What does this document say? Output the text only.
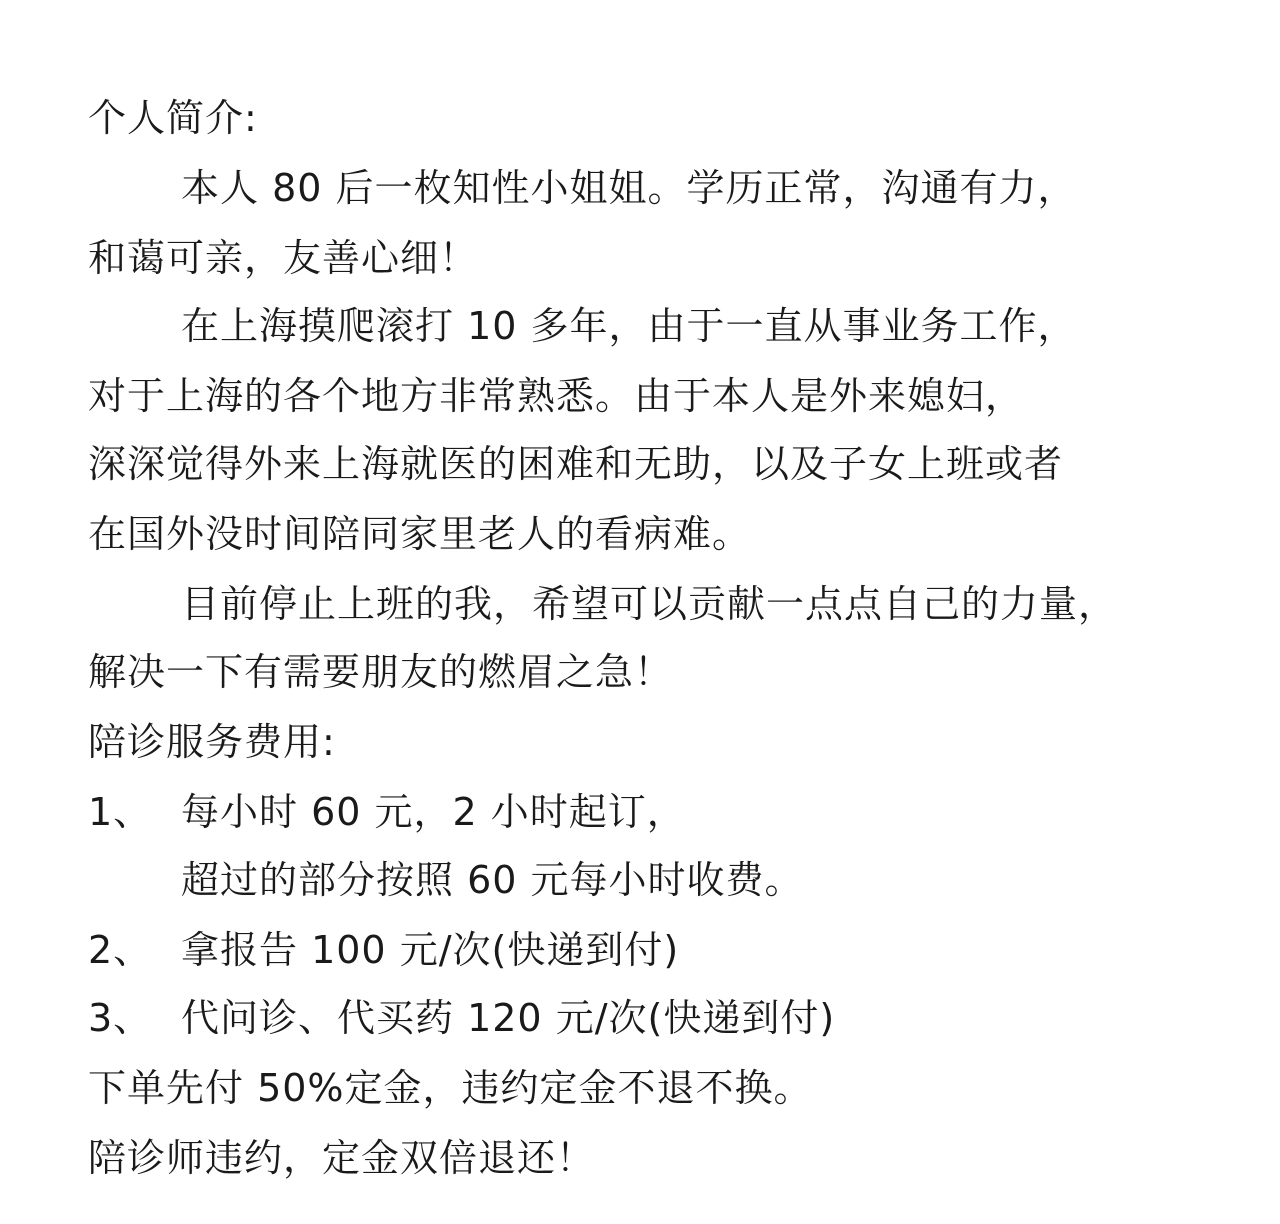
个人简介:
本人 80 后一枚知性小姐姐。学历正常，沟通有力，
和蔼可亲，友善心细！
在上海摸爬滚打 10 多年，由于一直从事业务工作，
对于上海的各个地方非常熟悉。由于本人是外来媳妇，
深深觉得外来上海就医的困难和无助，以及子女上班或者
在国外没时间陪同家里老人的看病难。
目前停止上班的我，希望可以贡献一点点自己的力量，
解决一下有需要朋友的燃眉之急！
陪诊服务费用:
1、 每小时 60 元，2 小时起订，
超过的部分按照 60 元每小时收费。
2、 拿报告 100 元/次(快递到付)
3、 代问诊、代买药 120 元/次(快递到付)
下单先付 50%定金，违约定金不退不换。
陪诊师违约，定金双倍退还！
